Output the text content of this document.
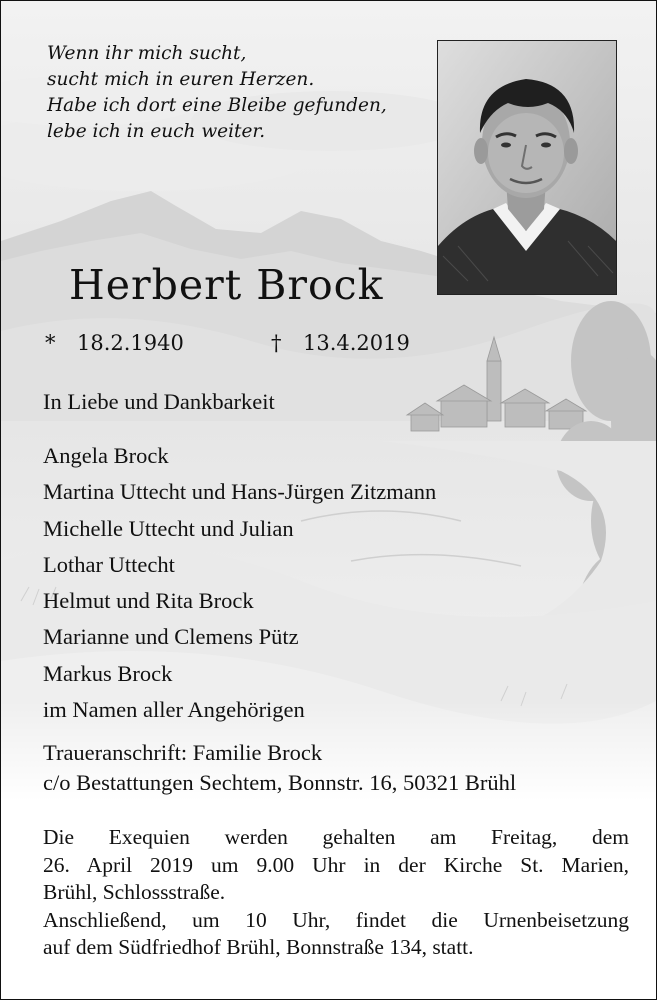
Wenn ihr mich sucht,
sucht mich in euren Herzen.
Habe ich dort eine Bleibe gefunden,
lebe ich in euch weiter.
Herbert Brock
* 18.2.1940	† 13.4.2019
In Liebe und Dankbarkeit
Angela Brock
Martina Uttecht und Hans-Jürgen Zitzmann
Michelle Uttecht und Julian
Lothar Uttecht
Helmut und Rita Brock
Marianne und Clemens Pütz
Markus Brock
im Namen aller Angehörigen
Traueranschrift: Familie Brock
c/o Bestattungen Sechtem, Bonnstr. 16, 50321 Brühl
Die Exequien werden gehalten am Freitag, dem
26. April 2019 um 9.00 Uhr in der Kirche St. Marien,
Brühl, Schlossstraße.
Anschließend, um 10 Uhr, findet die Urnenbeisetzung
auf dem Südfriedhof Brühl, Bonnstraße 134, statt.
